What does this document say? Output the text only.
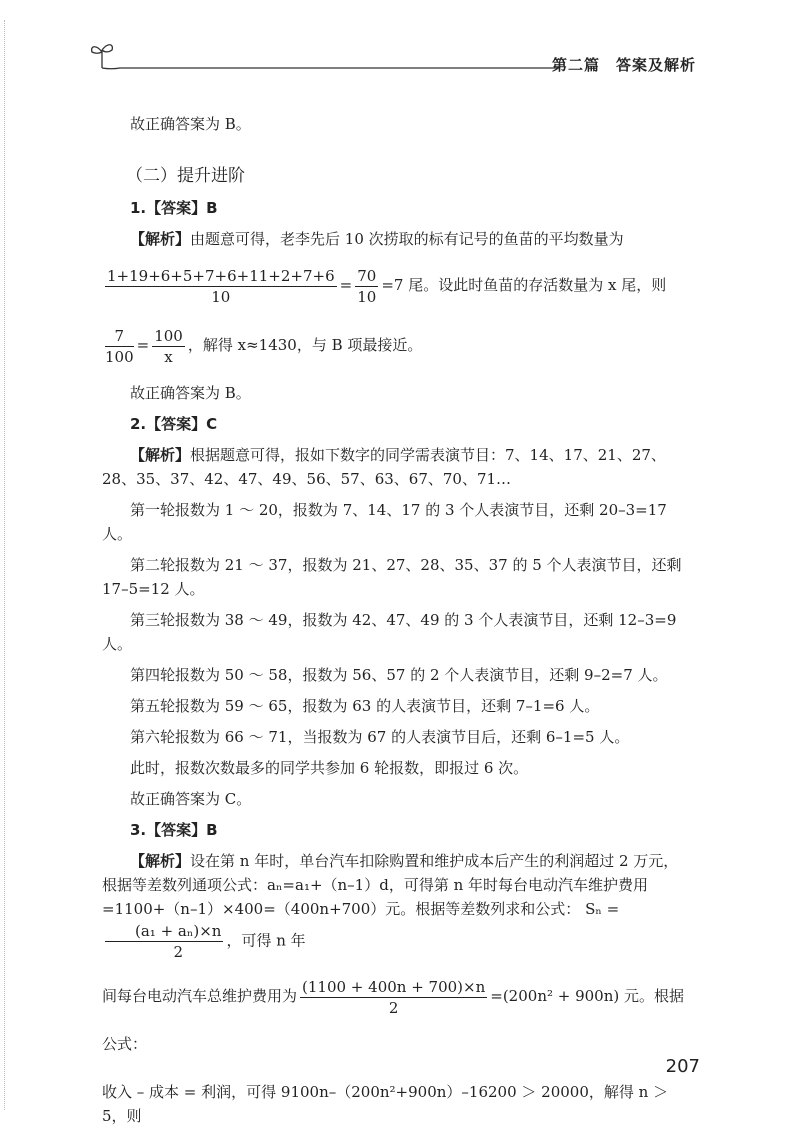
第二篇　答案及解析

故正确答案为 B。

（二）提升进阶

1.【答案】B

【解析】由题意可得，老李先后 10 次捞取的标有记号的鱼苗的平均数量为

$\frac{1+19+6+5+7+6+11+2+7+6}{10} = \frac{70}{10} =7$ 尾。设此时鱼苗的存活数量为 x 尾，则

$\frac{7}{100} = \frac{100}{x}$ ，解得 x≈1430，与 B 项最接近。

故正确答案为 B。

2.【答案】C

【解析】根据题意可得，报如下数字的同学需表演节目：7、14、17、21、27、28、35、37、42、47、49、56、57、63、67、70、71…

第一轮报数为 1 ～ 20，报数为 7、14、17 的 3 个人表演节目，还剩 20–3=17 人。

第二轮报数为 21 ～ 37，报数为 21、27、28、35、37 的 5 个人表演节目，还剩 17–5=12 人。

第三轮报数为 38 ～ 49，报数为 42、47、49 的 3 个人表演节目，还剩 12–3=9 人。

第四轮报数为 50 ～ 58，报数为 56、57 的 2 个人表演节目，还剩 9–2=7 人。

第五轮报数为 59 ～ 65，报数为 63 的人表演节目，还剩 7–1=6 人。

第六轮报数为 66 ～ 71，当报数为 67 的人表演节目后，还剩 6–1=5 人。

此时，报数次数最多的同学共参加 6 轮报数，即报过 6 次。

故正确答案为 C。

3.【答案】B

【解析】设在第 n 年时，单台汽车扣除购置和维护成本后产生的利润超过 2 万元，根据等差数列通项公式：aₙ=a₁+（n–1）d，可得第 n 年时每台电动汽车维护费用 =1100+（n–1）×400=（400n+700）元。根据等差数列求和公式： Sₙ =
$\frac{\text{(a₁ + aₙ)×n}}{2}$ ，可得 n 年

间每台电动汽车总维护费用为 $\frac{(1100 + 400n + 700)\times n}{2} =(200n^2 + 900n)$ 元。根据公式：

收入 – 成本 = 利润，可得 9100n–（200n²+900n）–16200 ＞ 20000，解得 n ＞ 5，则

207
